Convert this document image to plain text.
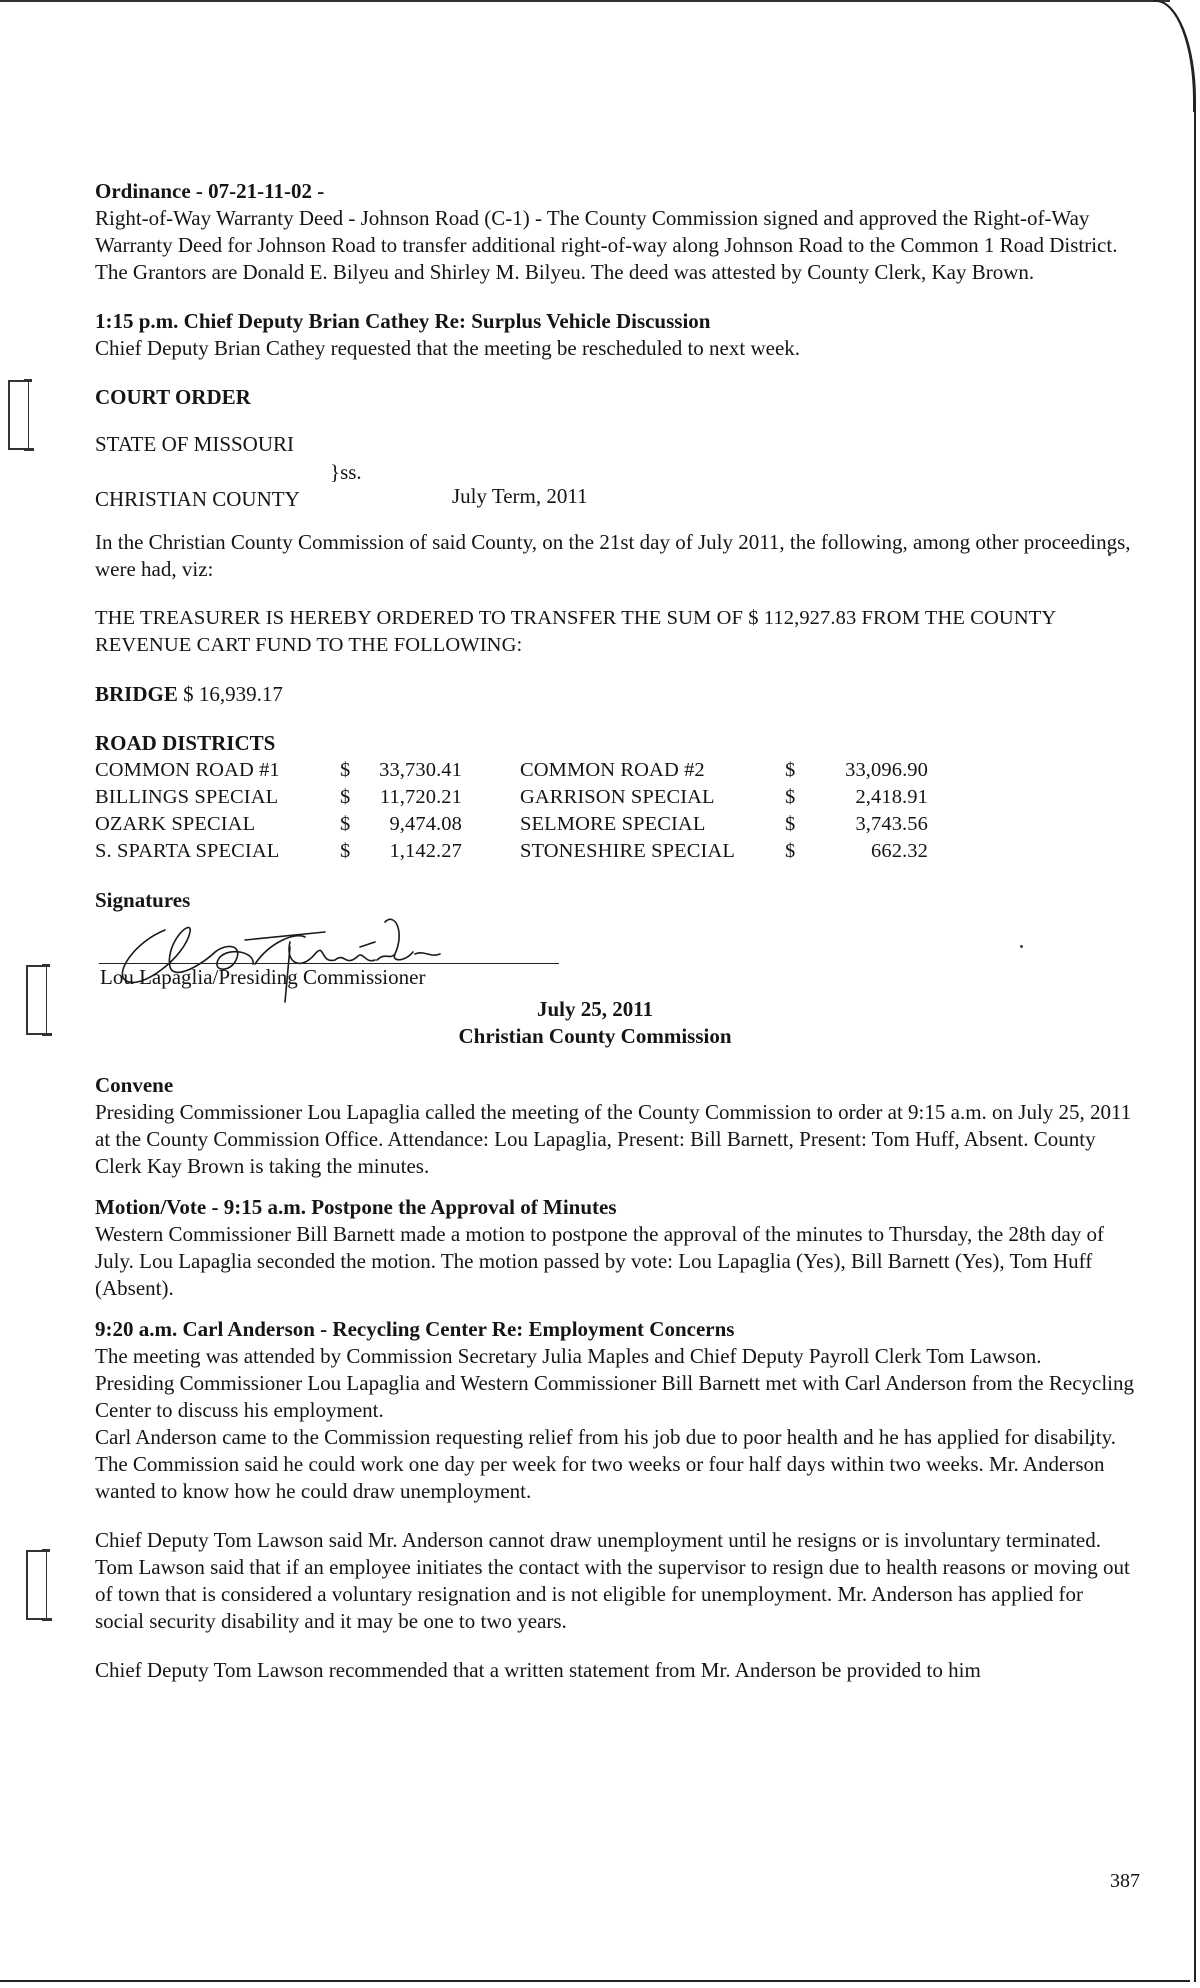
Ordinance - 07-21-11-02 -

Right-of-Way Warranty Deed - Johnson Road (C-1) - The County Commission signed and approved the Right-of-Way Warranty Deed for Johnson Road to transfer additional right-of-way along Johnson Road to the Common 1 Road District. The Grantors are Donald E. Bilyeu and Shirley M. Bilyeu. The deed was attested by County Clerk, Kay Brown.

1:15 p.m. Chief Deputy Brian Cathey Re: Surplus Vehicle Discussion

Chief Deputy Brian Cathey requested that the meeting be rescheduled to next week.

COURT ORDER
STATE OF MISSOURI
}ss.
CHRISTIAN COUNTY	July Term, 2011

In the Christian County Commission of said County, on the 21st day of July 2011, the following, among other proceedings, were had, viz:

THE TREASURER IS HEREBY ORDERED TO TRANSFER THE SUM OF $ 112,927.83 FROM THE COUNTY REVENUE CART FUND TO THE FOLLOWING:

BRIDGE $ 16,939.17
ROAD DISTRICTS
COMMON ROAD #1	$	33,730.41		COMMON ROAD #2	$	33,096.90
BILLINGS SPECIAL	$	11,720.21		GARRISON SPECIAL	$	2,418.91
OZARK SPECIAL	$	9,474.08		SELMORE SPECIAL	$	3,743.56
S. SPARTA SPECIAL	$	1,142.27		STONESHIRE SPECIAL	$	662.32
Signatures
Lou Lapaglia/Presiding Commissioner
July 25, 2011
Christian County Commission
Convene

Presiding Commissioner Lou Lapaglia called the meeting of the County Commission to order at 9:15 a.m. on July 25, 2011 at the County Commission Office. Attendance: Lou Lapaglia, Present: Bill Barnett, Present: Tom Huff, Absent. County Clerk Kay Brown is taking the minutes.

Motion/Vote - 9:15 a.m. Postpone the Approval of Minutes

Western Commissioner Bill Barnett made a motion to postpone the approval of the minutes to Thursday, the 28th day of July. Lou Lapaglia seconded the motion. The motion passed by vote: Lou Lapaglia (Yes), Bill Barnett (Yes), Tom Huff (Absent).

9:20 a.m. Carl Anderson - Recycling Center Re: Employment Concerns

The meeting was attended by Commission Secretary Julia Maples and Chief Deputy Payroll Clerk Tom Lawson.

Presiding Commissioner Lou Lapaglia and Western Commissioner Bill Barnett met with Carl Anderson from the Recycling Center to discuss his employment.

Carl Anderson came to the Commission requesting relief from his job due to poor health and he has applied for disability. The Commission said he could work one day per week for two weeks or four half days within two weeks. Mr. Anderson wanted to know how he could draw unemployment.

Chief Deputy Tom Lawson said Mr. Anderson cannot draw unemployment until he resigns or is involuntary terminated. Tom Lawson said that if an employee initiates the contact with the supervisor to resign due to health reasons or moving out of town that is considered a voluntary resignation and is not eligible for unemployment. Mr. Anderson has applied for social security disability and it may be one to two years.

Chief Deputy Tom Lawson recommended that a written statement from Mr. Anderson be provided to him

387
